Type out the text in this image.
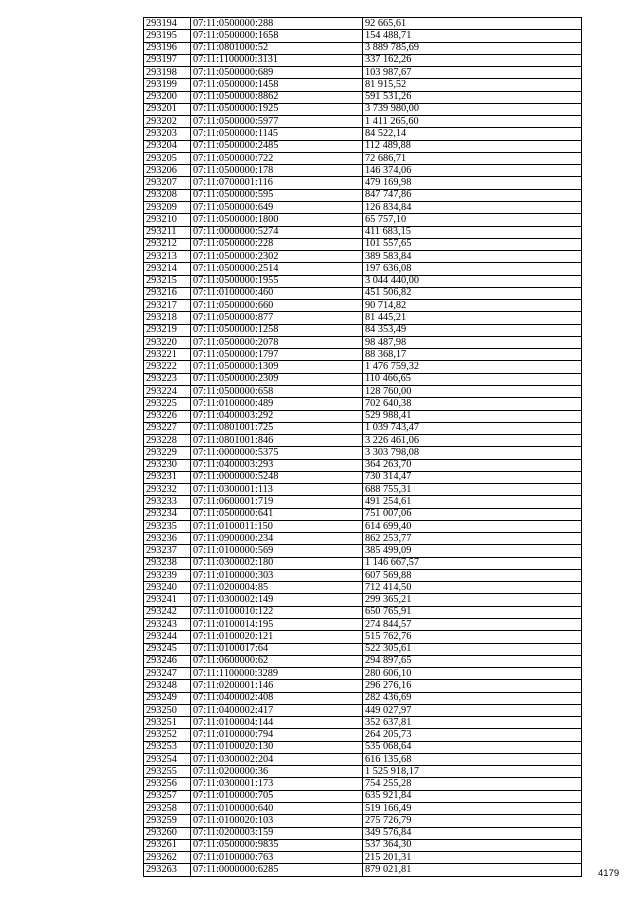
293194	07:11:0500000:288	92 665,61
293195	07:11:0500000:1658	154 488,71
293196	07:11:0801000:52	3 889 785,69
293197	07:11:1100000:3131	337 162,26
293198	07:11:0500000:689	103 987,67
293199	07:11:0500000:1458	81 915,52
293200	07:11:0500000:8862	591 531,26
293201	07:11:0500000:1925	3 739 980,00
293202	07:11:0500000:5977	1 411 265,60
293203	07:11:0500000:1145	84 522,14
293204	07:11:0500000:2485	112 489,88
293205	07:11:0500000:722	72 686,71
293206	07:11:0500000:178	146 374,06
293207	07:11:0700001:116	479 169,98
293208	07:11:0500000:595	847 747,86
293209	07:11:0500000:649	126 834,84
293210	07:11:0500000:1800	65 757,10
293211	07:11:0000000:5274	411 683,15
293212	07:11:0500000:228	101 557,65
293213	07:11:0500000:2302	389 583,84
293214	07:11:0500000:2514	197 636,08
293215	07:11:0500000:1955	3 044 440,00
293216	07:11:0100000:460	451 506,82
293217	07:11:0500000:660	90 714,82
293218	07:11:0500000:877	81 445,21
293219	07:11:0500000:1258	84 353,49
293220	07:11:0500000:2078	98 487,98
293221	07:11:0500000:1797	88 368,17
293222	07:11:0500000:1309	1 476 759,32
293223	07:11:0500000:2309	110 466,65
293224	07:11:0500000:658	128 760,00
293225	07:11:0100000:489	702 640,38
293226	07:11:0400003:292	529 988,41
293227	07:11:0801001:725	1 039 743,47
293228	07:11:0801001:846	3 226 461,06
293229	07:11:0000000:5375	3 303 798,08
293230	07:11:0400003:293	364 263,70
293231	07:11:0000000:5248	730 314,47
293232	07:11:0300001:113	688 755,31
293233	07:11:0600001:719	491 254,61
293234	07:11:0500000:641	751 007,06
293235	07:11:0100011:150	614 699,40
293236	07:11:0900000:234	862 253,77
293237	07:11:0100000:569	385 499,09
293238	07:11:0300002:180	1 146 667,57
293239	07:11:0100000:303	607 569,88
293240	07:11:0200004:85	712 414,50
293241	07:11:0300002:149	299 365,21
293242	07:11:0100010:122	650 765,91
293243	07:11:0100014:195	274 844,57
293244	07:11:0100020:121	515 762,76
293245	07:11:0100017:64	522 305,61
293246	07:11:0600000:62	294 897,65
293247	07:11:1100000:3289	280 606,10
293248	07:11:0200001:146	296 276,16
293249	07:11:0400002:408	282 436,69
293250	07:11:0400002:417	449 027,97
293251	07:11:0100004:144	352 637,81
293252	07:11:0100000:794	264 205,73
293253	07:11:0100020:130	535 068,64
293254	07:11:0300002:204	616 135,68
293255	07:11:0200000:36	1 525 918,17
293256	07:11:0300001:173	754 255,28
293257	07:11:0100000:705	635 921,84
293258	07:11:0100000:640	519 166,49
293259	07:11:0100020:103	275 726,79
293260	07:11:0200003:159	349 576,84
293261	07:11:0500000:9835	537 364,30
293262	07:11:0100000:763	215 201,31
293263	07:11:0000000:6285	879 021,81	4179
